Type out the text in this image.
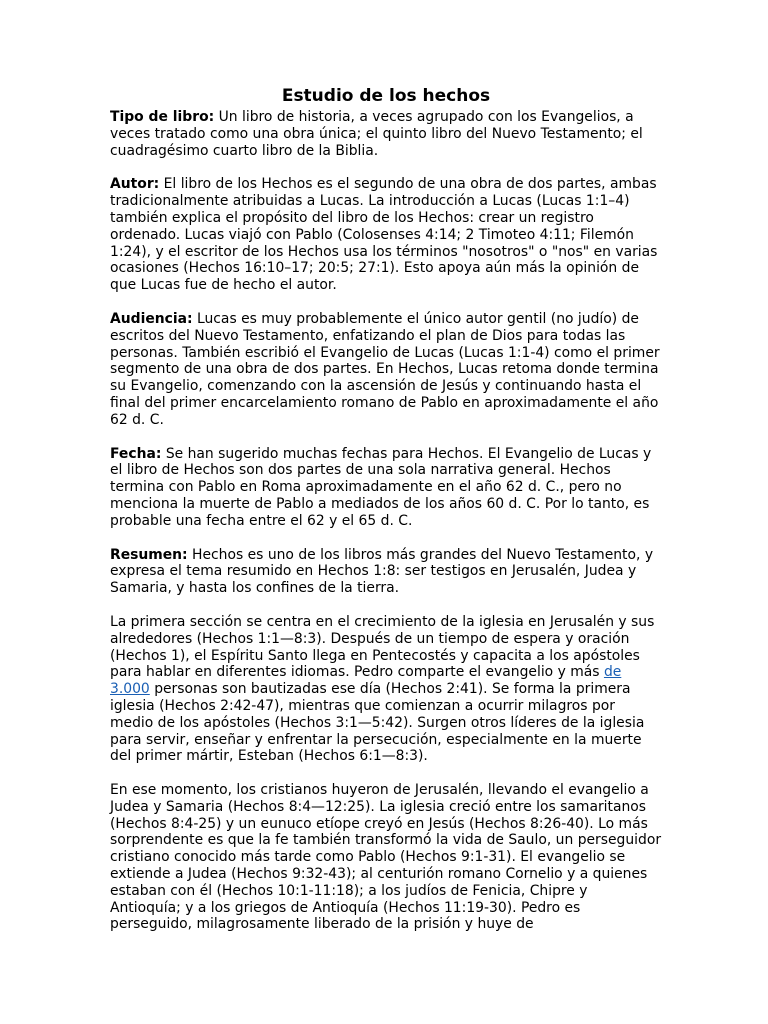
Estudio de los hechos

Tipo de libro: Un libro de historia, a veces agrupado con los Evangelios, a veces tratado como una obra única; el quinto libro del Nuevo Testamento; el cuadragésimo cuarto libro de la Biblia.

Autor: El libro de los Hechos es el segundo de una obra de dos partes, ambas tradicionalmente atribuidas a Lucas. La introducción a Lucas (Lucas 1:1–4) también explica el propósito del libro de los Hechos: crear un registro ordenado. Lucas viajó con Pablo (Colosenses 4:14; 2 Timoteo 4:11; Filemón 1:24), y el escritor de los Hechos usa los términos "nosotros" o "nos" en varias ocasiones (Hechos 16:10–17; 20:5; 27:1). Esto apoya aún más la opinión de que Lucas fue de hecho el autor.

Audiencia: Lucas es muy probablemente el único autor gentil (no judío) de escritos del Nuevo Testamento, enfatizando el plan de Dios para todas las personas. También escribió el Evangelio de Lucas (Lucas 1:1-4) como el primer segmento de una obra de dos partes. En Hechos, Lucas retoma donde termina su Evangelio, comenzando con la ascensión de Jesús y continuando hasta el final del primer encarcelamiento romano de Pablo en aproximadamente el año 62 d. C.

Fecha: Se han sugerido muchas fechas para Hechos. El Evangelio de Lucas y el libro de Hechos son dos partes de una sola narrativa general. Hechos termina con Pablo en Roma aproximadamente en el año 62 d. C., pero no menciona la muerte de Pablo a mediados de los años 60 d. C. Por lo tanto, es probable una fecha entre el 62 y el 65 d. C.

Resumen: Hechos es uno de los libros más grandes del Nuevo Testamento, y expresa el tema resumido en Hechos 1:8: ser testigos en Jerusalén, Judea y Samaria, y hasta los confines de la tierra.

La primera sección se centra en el crecimiento de la iglesia en Jerusalén y sus alrededores (Hechos 1:1—8:3). Después de un tiempo de espera y oración (Hechos 1), el Espíritu Santo llega en Pentecostés y capacita a los apóstoles para hablar en diferentes idiomas. Pedro comparte el evangelio y más de 3.000 personas son bautizadas ese día (Hechos 2:41). Se forma la primera iglesia (Hechos 2:42-47), mientras que comienzan a ocurrir milagros por medio de los apóstoles (Hechos 3:1—5:42). Surgen otros líderes de la iglesia para servir, enseñar y enfrentar la persecución, especialmente en la muerte del primer mártir, Esteban (Hechos 6:1—8:3).

En ese momento, los cristianos huyeron de Jerusalén, llevando el evangelio a Judea y Samaria (Hechos 8:4—12:25). La iglesia creció entre los samaritanos (Hechos 8:4-25) y un eunuco etíope creyó en Jesús (Hechos 8:26-40). Lo más sorprendente es que la fe también transformó la vida de Saulo, un perseguidor cristiano conocido más tarde como Pablo (Hechos 9:1-31). El evangelio se extiende a Judea (Hechos 9:32-43); al centurión romano Cornelio y a quienes estaban con él (Hechos 10:1-11:18); a los judíos de Fenicia, Chipre y Antioquía; y a los griegos de Antioquía (Hechos 11:19-30). Pedro es perseguido, milagrosamente liberado de la prisión y huye de
